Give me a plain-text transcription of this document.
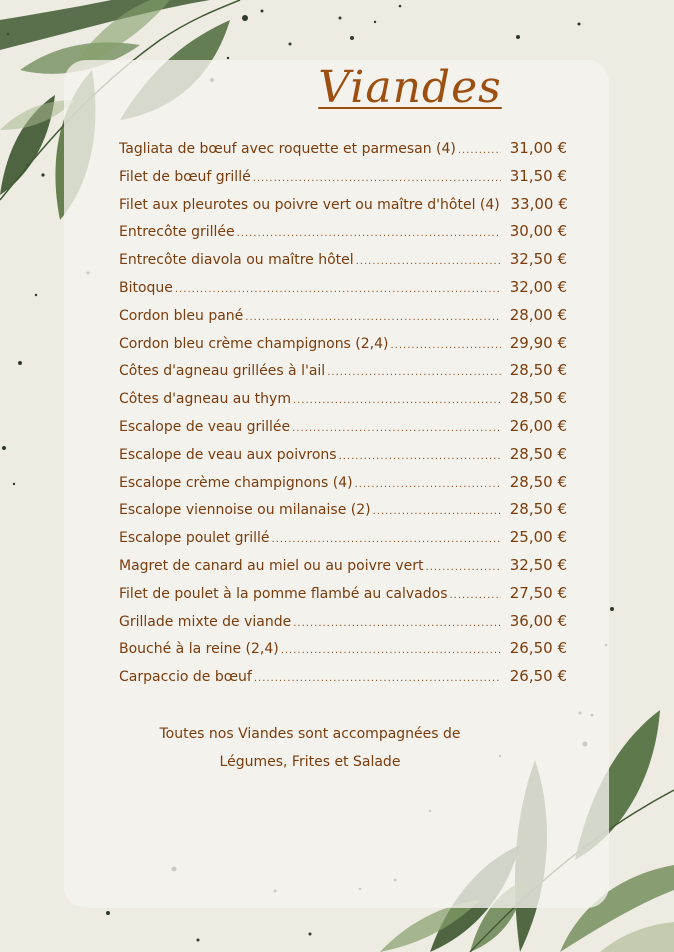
Viandes
Tagliata de bœuf avec roquette et parmesan (4) .....	31,00 €
Filet de bœuf grillé .....	31,50 €
Filet aux pleurotes ou poivre vert ou maître d'hôtel (4) 33,00 €
Entrecôte grillée .....	30,00 €
Entrecôte diavola ou maître hôtel .....	32,50 €
Bitoque .....	32,00 €
Cordon bleu pané .....	28,00 €
Cordon bleu crème champignons (2,4) .....	29,90 €
Côtes d'agneau grillées à l'ail .....	28,50 €
Côtes d'agneau au thym .....	28,50 €
Escalope de veau grillée .....	26,00 €
Escalope de veau aux poivrons .....	28,50 €
Escalope crème champignons (4) .....	28,50 €
Escalope viennoise ou milanaise (2) .....	28,50 €
Escalope poulet grillé .....	25,00 €
Magret de canard au miel ou au poivre vert .....	32,50 €
Filet de poulet à la pomme flambé au calvados .....	27,50 €
Grillade mixte de viande .....	36,00 €
Bouché à la reine (2,4) .....	26,50 €
Carpaccio de bœuf .....	26,50 €
Toutes nos Viandes sont accompagnées de
Légumes, Frites et Salade
